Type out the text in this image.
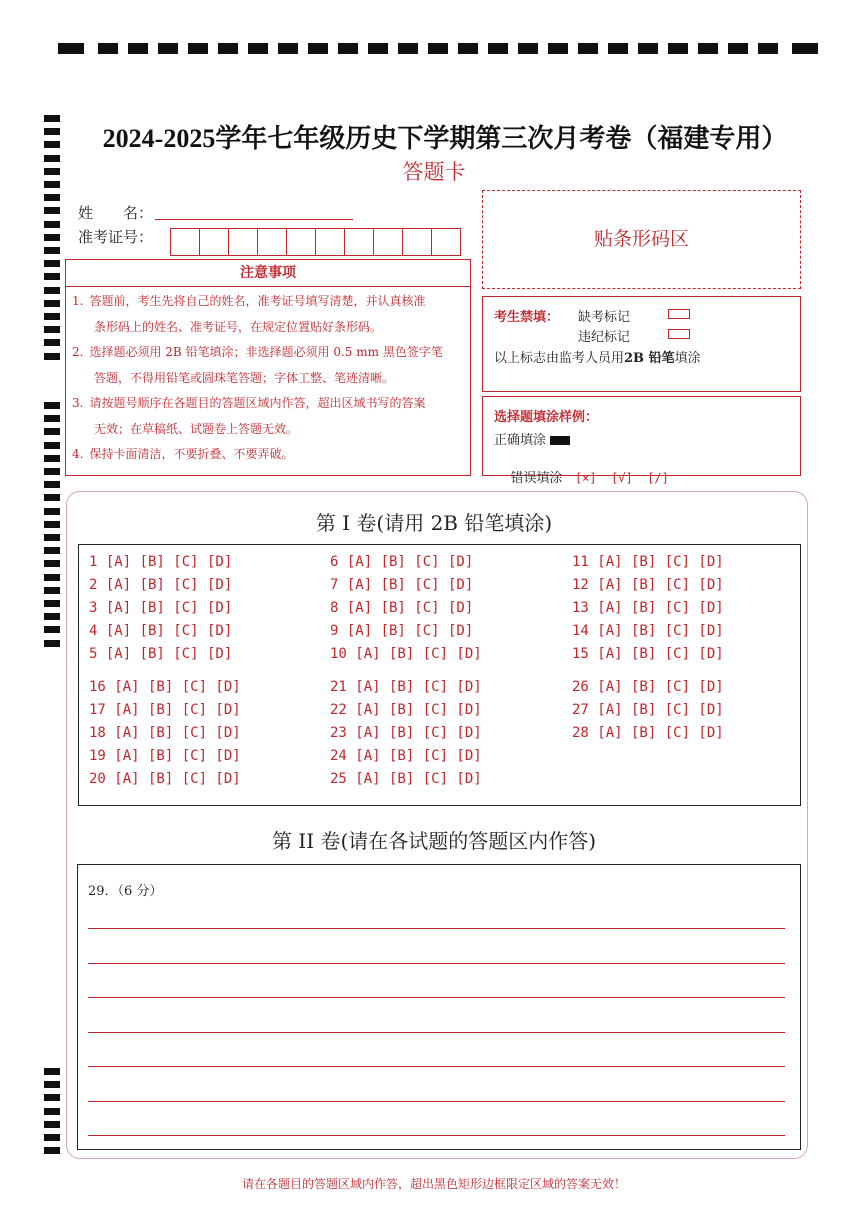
2024-2025学年七年级历史下学期第三次月考卷（福建专用）
答题卡
姓　　名：
准考证号：
注意事项
1. 答题前，考生先将自己的姓名，准考证号填写清楚，并认真核准
条形码上的姓名、准考证号，在规定位置贴好条形码。
2. 选择题必须用 2B 铅笔填涂；非选择题必须用 0.5 mm 黑色签字笔
答题，不得用铅笔或圆珠笔答题；字体工整、笔迹清晰。
3. 请按题号顺序在各题目的答题区域内作答，超出区域书写的答案
无效；在草稿纸、试题卷上答题无效。
4. 保持卡面清洁，不要折叠、不要弄破。
贴条形码区
考生禁填： 缺考标记
违纪标记
以上标志由监考人员用2B 铅笔填涂
选择题填涂样例：
正确填涂

错误填涂 [×]  [√]  [/]

第 I 卷(请用 2B 铅笔填涂)
1 [A] [B] [C] [D]
2 [A] [B] [C] [D]
3 [A] [B] [C] [D]
4 [A] [B] [C] [D]
5 [A] [B] [C] [D]
6 [A] [B] [C] [D]
7 [A] [B] [C] [D]
8 [A] [B] [C] [D]
9 [A] [B] [C] [D]
10 [A] [B] [C] [D]
11 [A] [B] [C] [D]
12 [A] [B] [C] [D]
13 [A] [B] [C] [D]
14 [A] [B] [C] [D]
15 [A] [B] [C] [D]
16 [A] [B] [C] [D]
17 [A] [B] [C] [D]
18 [A] [B] [C] [D]
19 [A] [B] [C] [D]
20 [A] [B] [C] [D]
21 [A] [B] [C] [D]
22 [A] [B] [C] [D]
23 [A] [B] [C] [D]
24 [A] [B] [C] [D]
25 [A] [B] [C] [D]
26 [A] [B] [C] [D]
27 [A] [B] [C] [D]
28 [A] [B] [C] [D]
第 II 卷(请在各试题的答题区内作答)
29．（6 分）
请在各题目的答题区域内作答，超出黑色矩形边框限定区域的答案无效！
